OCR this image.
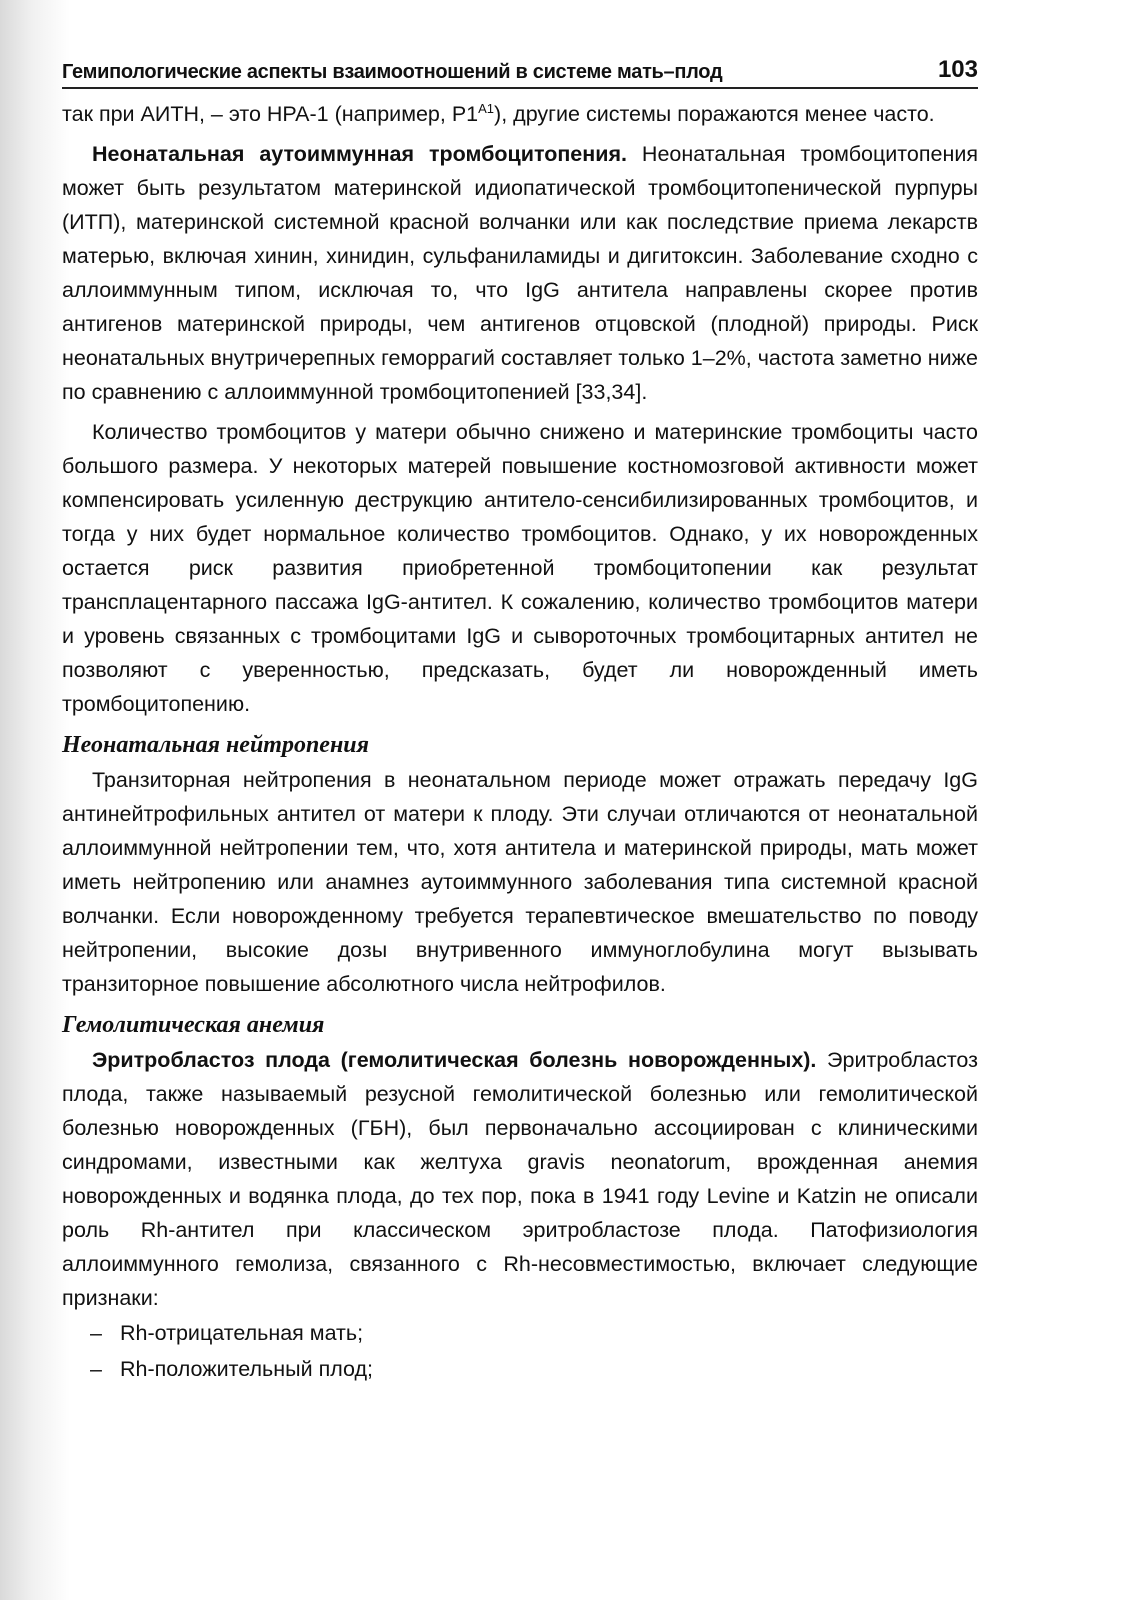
Гемипологические аспекты взаимоотношений в системе мать–плод	103

так при АИТН, – это HPA-1 (например, $P1^{A1}$), другие системы поражаются менее часто.

Неонатальная аутоиммунная тромбоцитопения. Неонатальная тромбоцитопения может быть результатом материнской идиопатической тромбоцитопенической пурпуры (ИТП), материнской системной красной волчанки или как последствие приема лекарств матерью, включая хинин, хинидин, сульфаниламиды и дигитоксин. Заболевание сходно с аллоиммунным типом, исключая то, что IgG антитела направлены скорее против антигенов материнской природы, чем антигенов отцовской (плодной) природы. Риск неонатальных внутричерепных геморрагий составляет только 1–2%, частота заметно ниже по сравнению с аллоиммунной тромбоцитопенией [33,34].

Количество тромбоцитов у матери обычно снижено и материнские тромбоциты часто большого размера. У некоторых матерей повышение костномозговой активности может компенсировать усиленную деструкцию антитело-сенсибилизированных тромбоцитов, и тогда у них будет нормальное количество тромбоцитов. Однако, у их новорожденных остается риск развития приобретенной тромбоцитопении как результат трансплацентарного пассажа IgG-антител. К сожалению, количество тромбоцитов матери и уровень связанных с тромбоцитами IgG и сывороточных тромбоцитарных антител не позволяют с уверенностью, предсказать, будет ли новорожденный иметь тромбоцитопению.

Неонатальная нейтропения

Транзиторная нейтропения в неонатальном периоде может отражать передачу IgG антинейтрофильных антител от матери к плоду. Эти случаи отличаются от неонатальной аллоиммунной нейтропении тем, что, хотя антитела и материнской природы, мать может иметь нейтропению или анамнез аутоиммунного заболевания типа системной красной волчанки. Если новорожденному требуется терапевтическое вмешательство по поводу нейтропении, высокие дозы внутривенного иммуноглобулина могут вызывать транзиторное повышение абсолютного числа нейтрофилов.

Гемолитическая анемия

Эритробластоз плода (гемолитическая болезнь новорожденных). Эритробластоз плода, также называемый резусной гемолитической болезнью или гемолитической болезнью новорожденных (ГБН), был первоначально ассоциирован с клиническими синдромами, известными как желтуха gravis neonatorum, врожденная анемия новорожденных и водянка плода, до тех пор, пока в 1941 году Levine и Katzin не описали роль Rh-антител при классическом эритробластозе плода. Патофизиология аллоиммунного гемолиза, связанного с Rh-несовместимостью, включает следующие признаки:

– Rh-отрицательная мать;
– Rh-положительный плод;
